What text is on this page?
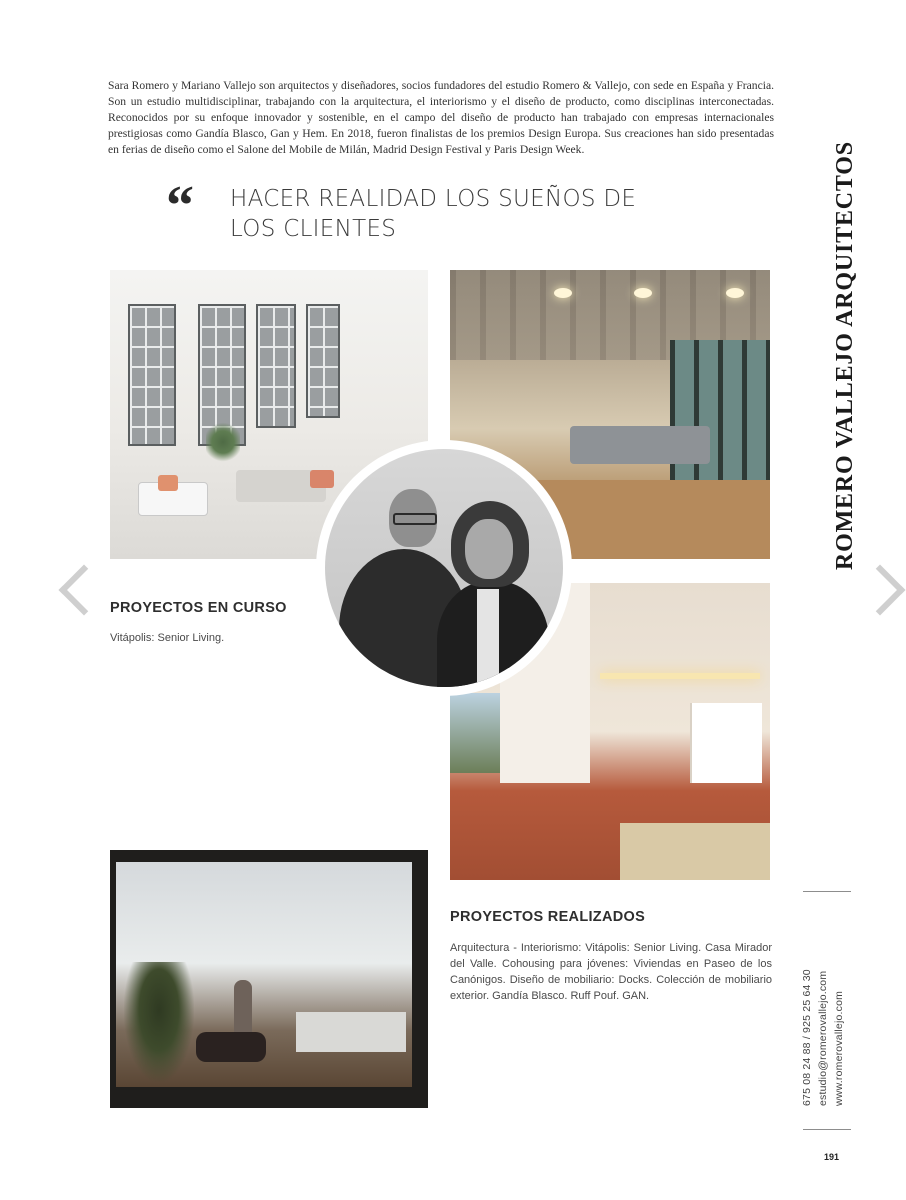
Sara Romero y Mariano Vallejo son arquitectos y diseñadores, socios fundadores del estudio Romero & Vallejo, con sede en España y Francia. Son un estudio multidisciplinar, trabajando con la arquitectura, el interiorismo y el diseño de producto, como disciplinas interconectadas. Reconocidos por su enfoque innovador y sostenible, en el campo del diseño de producto han trabajado con empresas internacionales prestigiosas como Gandía Blasco, Gan y Hem. En 2018, fueron finalistas de los premios Design Europa. Sus creaciones han sido presentadas en ferias de diseño como el Salone del Mobile de Milán, Madrid Design Festival y Paris Design Week.

“ HACER REALIDAD LOS SUEÑOS DE LOS CLIENTES
PROYECTOS EN CURSO
Vitápolis: Senior Living.
PROYECTOS REALIZADOS
Arquitectura - Interiorismo: Vitápolis: Senior Living. Casa Mirador del Valle. Cohousing para jóvenes: Viviendas en Paseo de los Canónigos. Diseño de mobiliario: Docks. Colección de mobiliario exterior. Gandía Blasco. Ruff Pouf. GAN.
ROMERO VALLEJO ARQUITECTOS
675 08 24 88 / 925 25 64 30 estudio@romerovallejo.com www.romerovallejo.com
191
